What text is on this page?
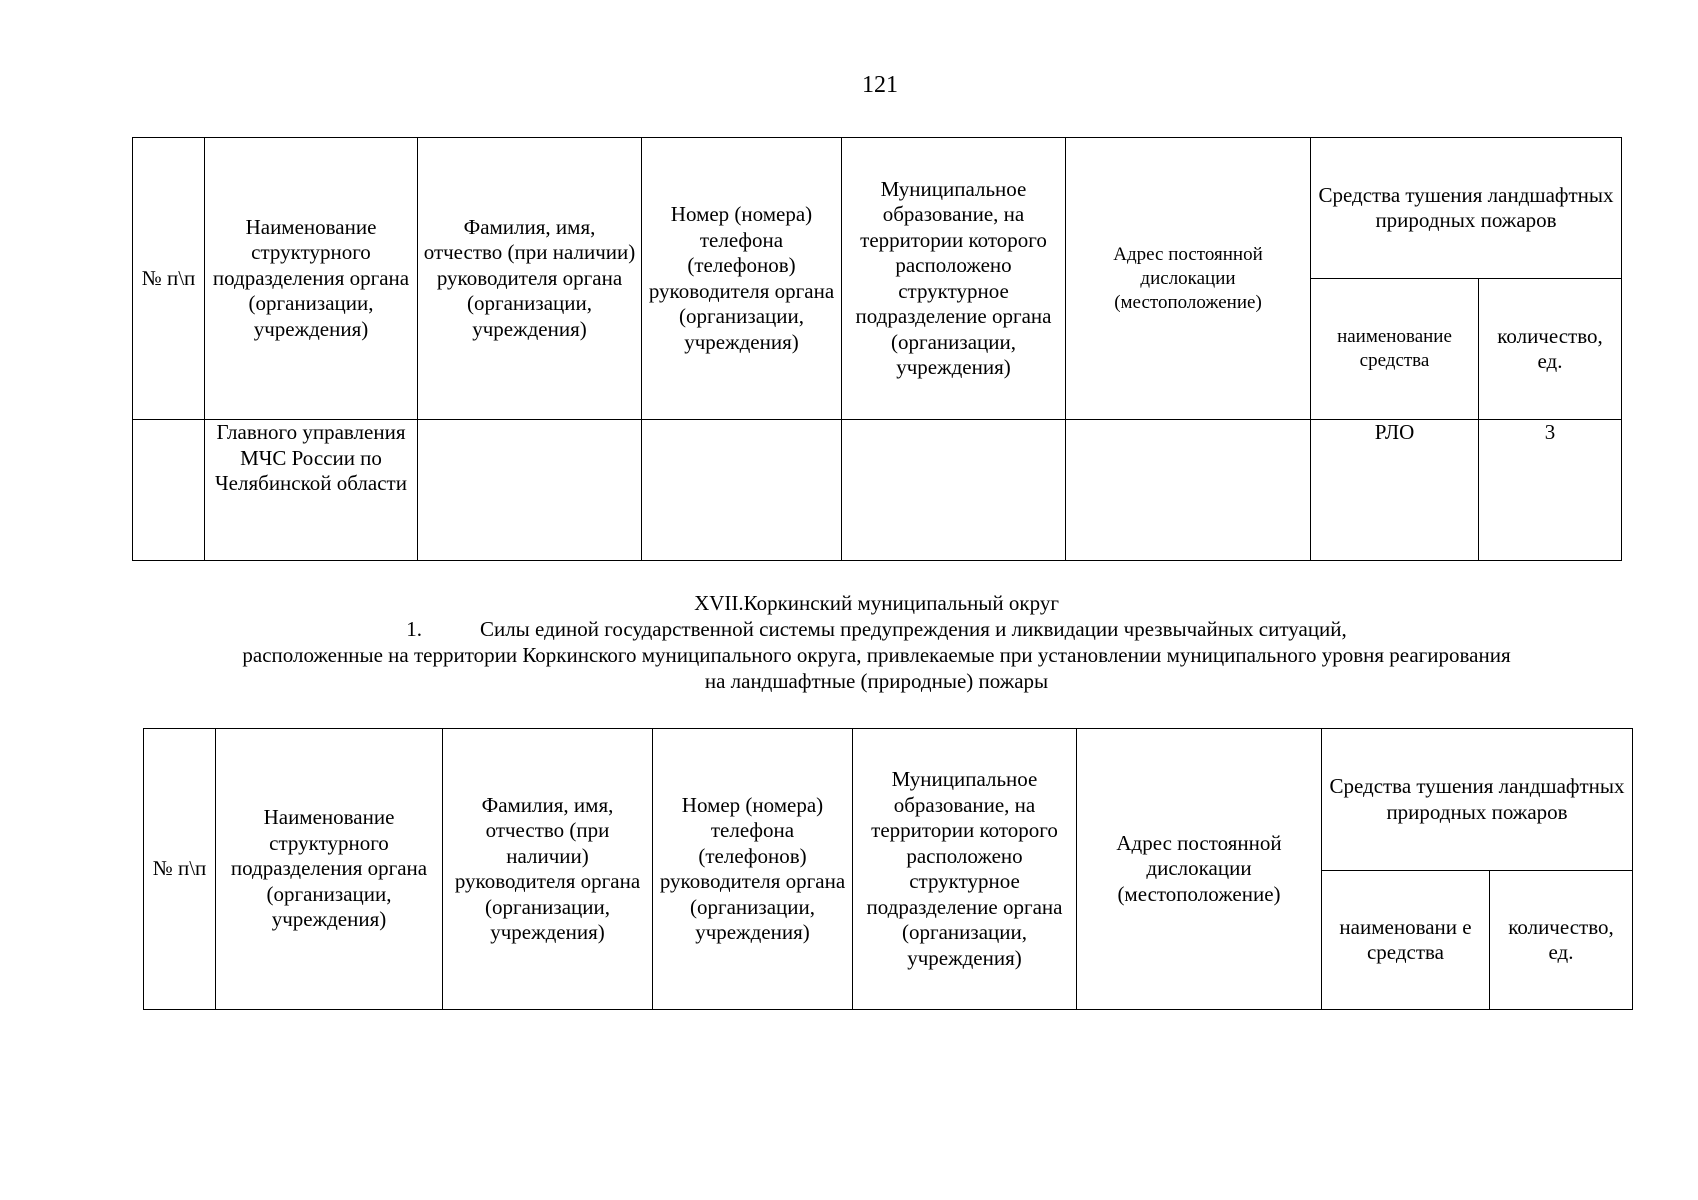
121
№ п\п	Наименование структурного подразделения органа (организации, учреждения)	Фамилия, имя, отчество (при наличии) руководителя органа (организации, учреждения)	Номер (номера) телефона (телефонов) руководителя органа (организации, учреждения)	Муниципальное образование, на территории которого расположено структурное подразделение органа (организации, учреждения)	Адрес постоянной дислокации (местоположение)	Средства тушения ландшафтных природных пожаров	
						наименование средства	количество, ед.
	Главного управления МЧС России по Челябинской области					РЛО	3
XVII.Коркинский муниципальный округ
1.	Силы единой государственной системы предупреждения и ликвидации чрезвычайных ситуаций,
расположенные на территории Коркинского муниципального округа, привлекаемые при установлении муниципального уровня реагирования
на ландшафтные (природные) пожары
№ п\п	Наименование структурного подразделения органа (организации, учреждения)	Фамилия, имя, отчество (при наличии) руководителя органа (организации, учреждения)	Номер (номера) телефона (телефонов) руководителя органа (организации, учреждения)	Муниципальное образование, на территории которого расположено структурное подразделение органа (организации, учреждения)	Адрес постоянной дислокации (местоположение)	Средства тушения ландшафтных природных пожаров	
						наименовани е средства	количество, ед.
